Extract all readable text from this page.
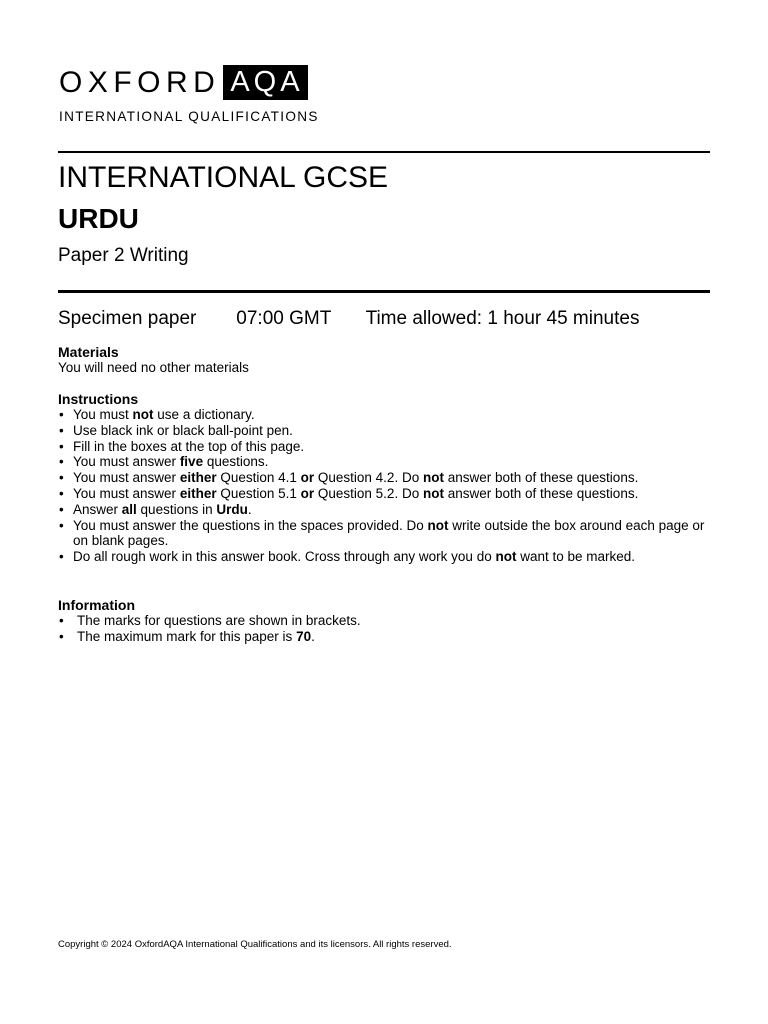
OXFORD AQA
INTERNATIONAL QUALIFICATIONS
INTERNATIONAL GCSE
URDU
Paper 2 Writing
Specimen paper 07:00 GMT Time allowed: 1 hour 45 minutes
Materials

You will need no other materials

Instructions
• You must not use a dictionary.
• Use black ink or black ball-point pen.
• Fill in the boxes at the top of this page.
• You must answer five questions.
• You must answer either Question 4.1 or Question 4.2. Do not answer both of these questions.
• You must answer either Question 5.1 or Question 5.2. Do not answer both of these questions.
• Answer all questions in Urdu.
• You must answer the questions in the spaces provided. Do not write outside the box around each page or on blank pages.
• Do all rough work in this answer book. Cross through any work you do not want to be marked.
Information
• The marks for questions are shown in brackets.
• The maximum mark for this paper is 70.
Copyright © 2024 OxfordAQA International Qualifications and its licensors. All rights reserved.
